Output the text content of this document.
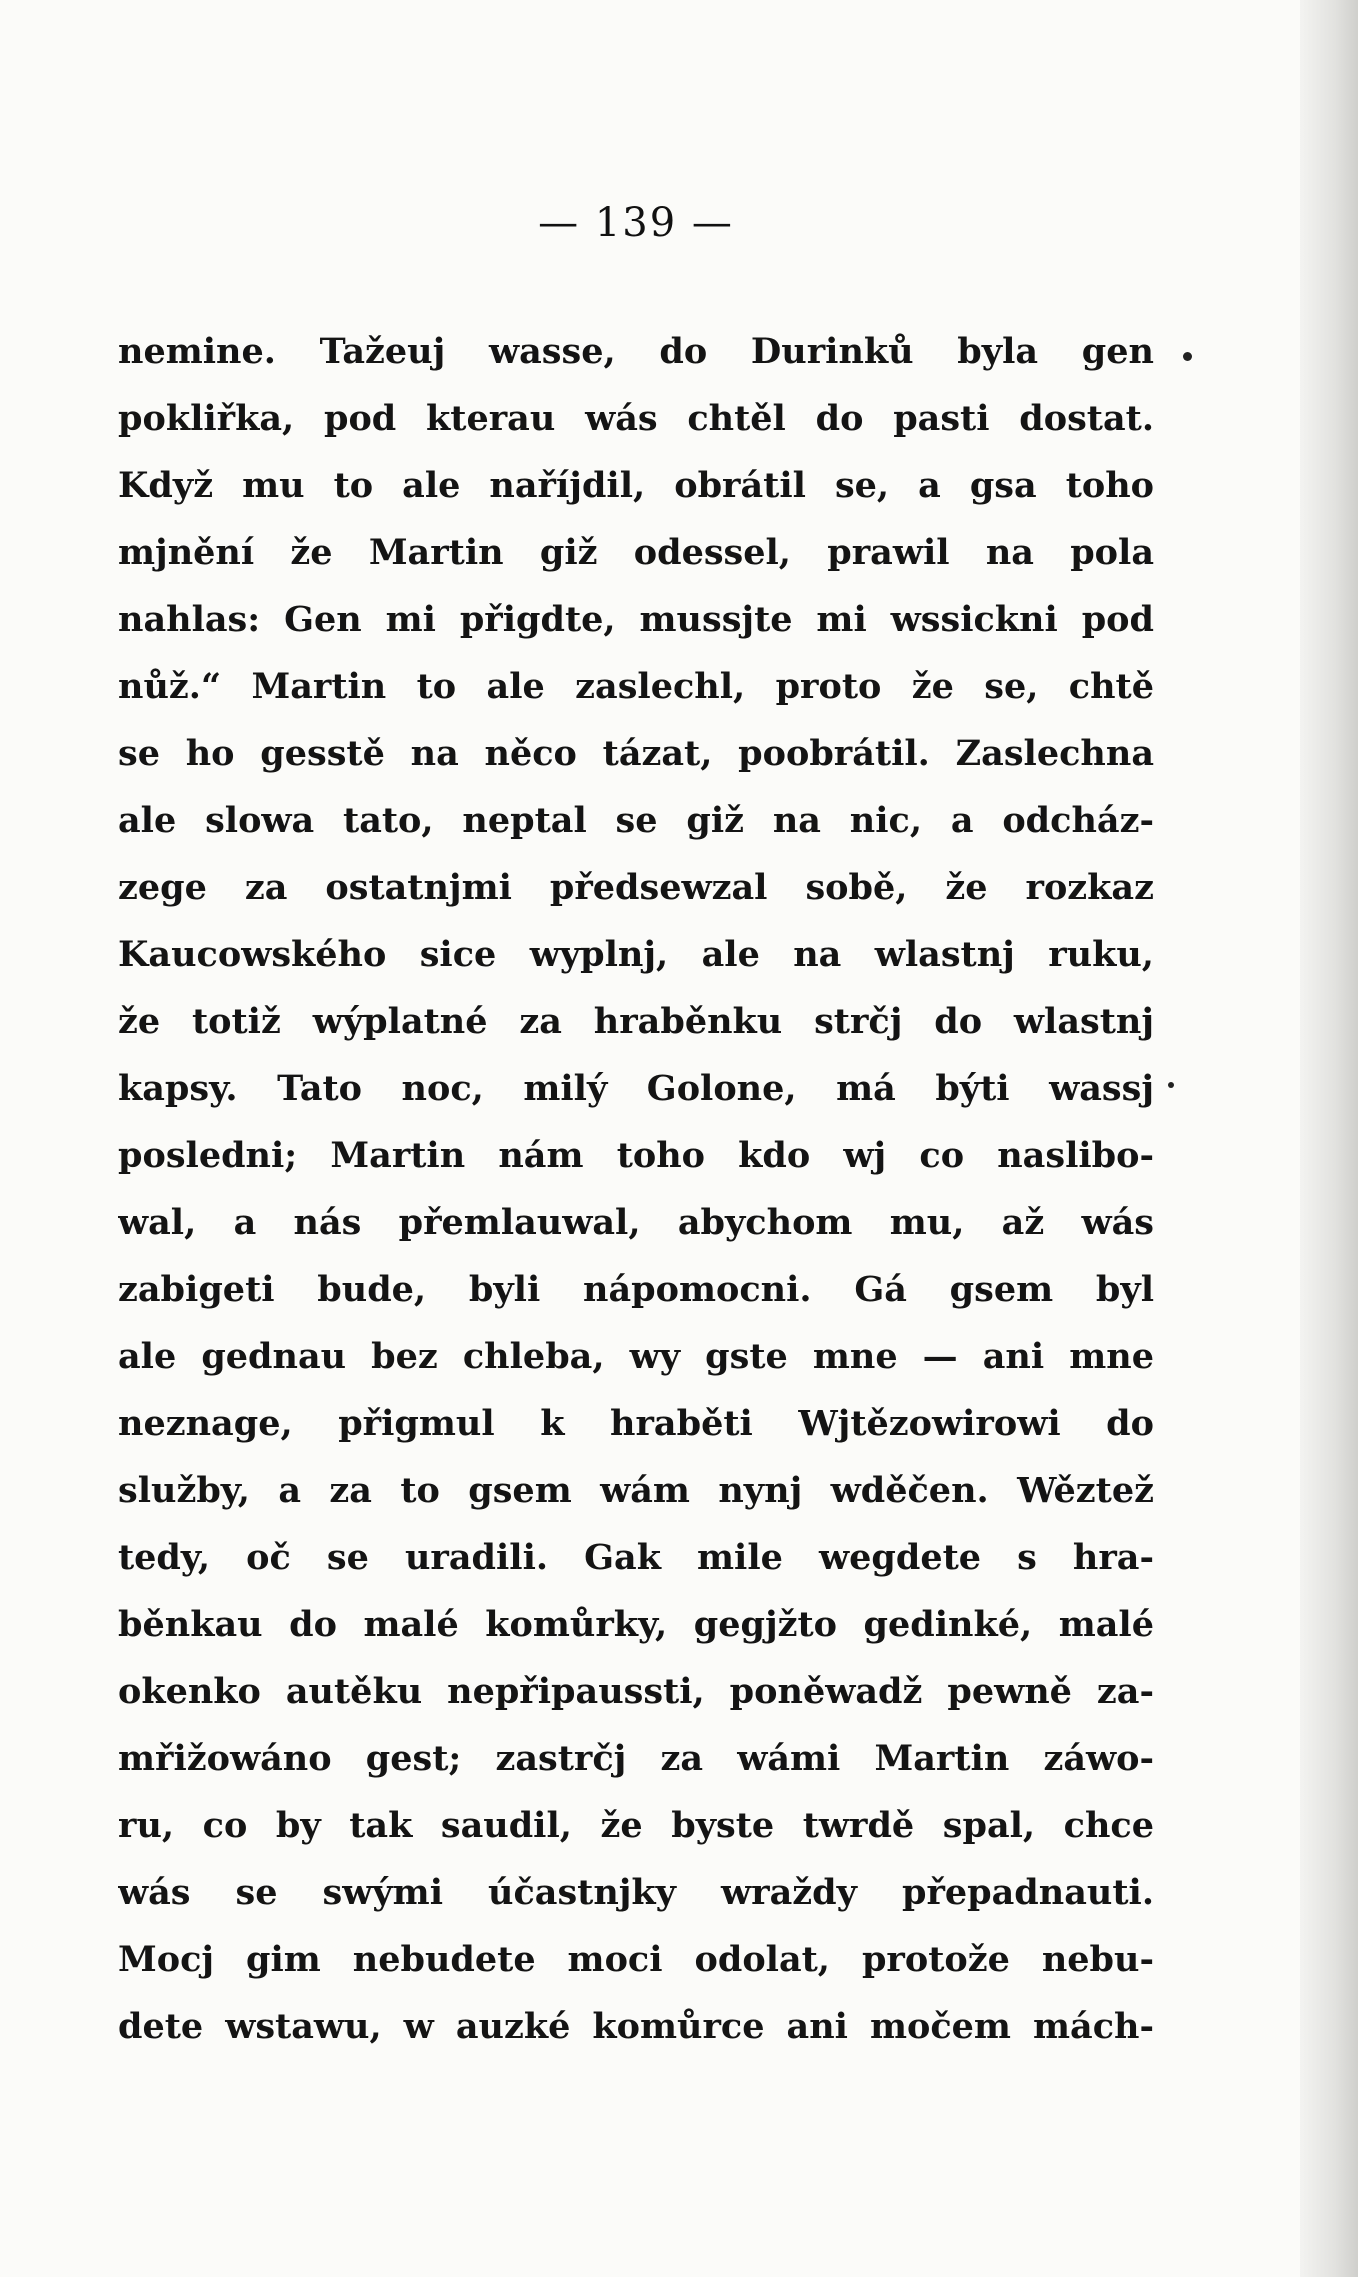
— 139 —
nemine. Tažeuj wasse, do Durinků byla gen
pokliřka, pod kterau wás chtěl do pasti dostat.
Když mu to ale naříjdil, obrátil se, a gsa toho
mjnění že Martin giž odessel, prawil na pola
nahlas: Gen mi přigdte, mussjte mi wssickni pod
nůž.“ Martin to ale zaslechl, proto že se, chtě
se ho gesstě na něco tázat, poobrátil. Zaslechna
ale slowa tato, neptal se giž na nic, a odcház-
zege za ostatnjmi předsewzal sobě, že rozkaz
Kaucowského sice wyplnj, ale na wlastnj ruku,
že totiž wýplatné za hraběnku strčj do wlastnj
kapsy. Tato noc, milý Golone, má býti wassj
posledni; Martin nám toho kdo wj co naslibo-
wal, a nás přemlauwal, abychom mu, až wás
zabigeti bude, byli nápomocni. Gá gsem byl
ale gednau bez chleba, wy gste mne — ani mne
neznage, přigmul k hraběti Wjtězowirowi do
služby, a za to gsem wám nynj wděčen. Wěztež
tedy, oč se uradili. Gak mile wegdete s hra-
běnkau do malé komůrky, gegjžto gedinké, malé
okenko autěku nepřipaussti, poněwadž pewně za-
mřižowáno gest; zastrčj za wámi Martin záwo-
ru, co by tak saudil, že byste twrdě spal, chce
wás se swými účastnjky wraždy přepadnauti.
Mocj gim nebudete moci odolat, protože nebu-
dete wstawu, w auzké komůrce ani močem mách-
